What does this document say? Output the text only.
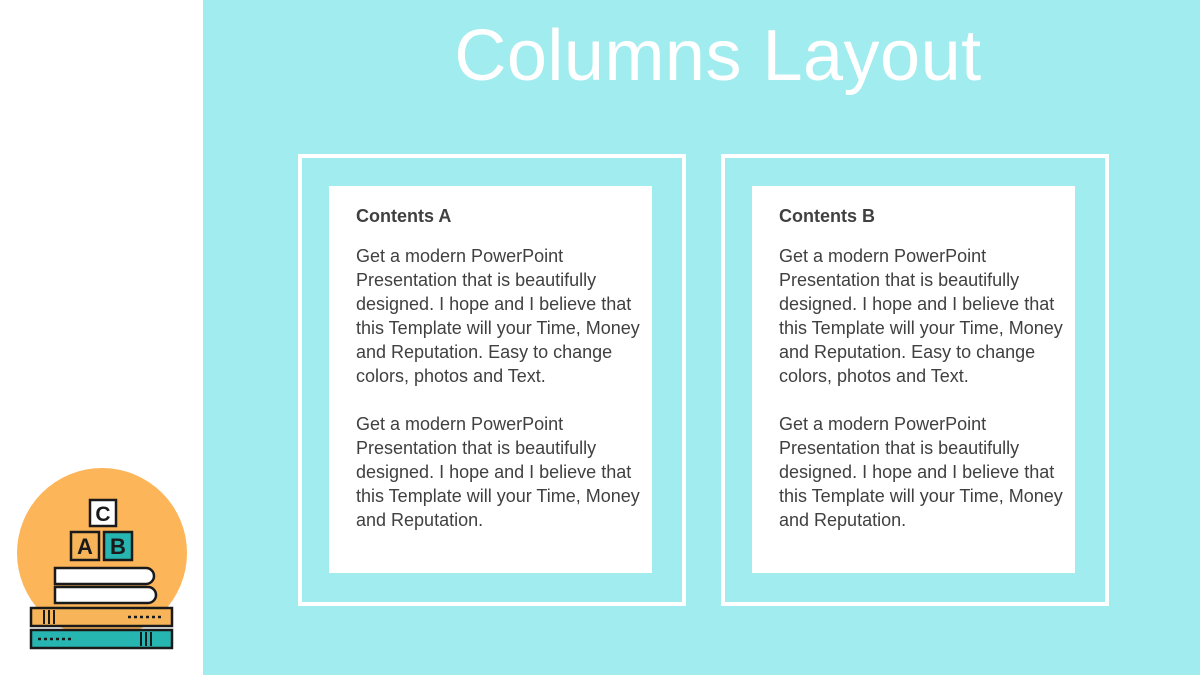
Columns Layout
Contents A

Get a modern PowerPoint Presentation that is beautifully designed. I hope and I believe that this Template will your Time, Money and Reputation. Easy to change colors, photos and Text.

Get a modern PowerPoint Presentation that is beautifully designed. I hope and I believe that this Template will your Time, Money and Reputation.

Contents B

Get a modern PowerPoint Presentation that is beautifully designed. I hope and I believe that this Template will your Time, Money and Reputation. Easy to change colors, photos and Text.

Get a modern PowerPoint Presentation that is beautifully designed. I hope and I believe that this Template will your Time, Money and Reputation.

C
A B
